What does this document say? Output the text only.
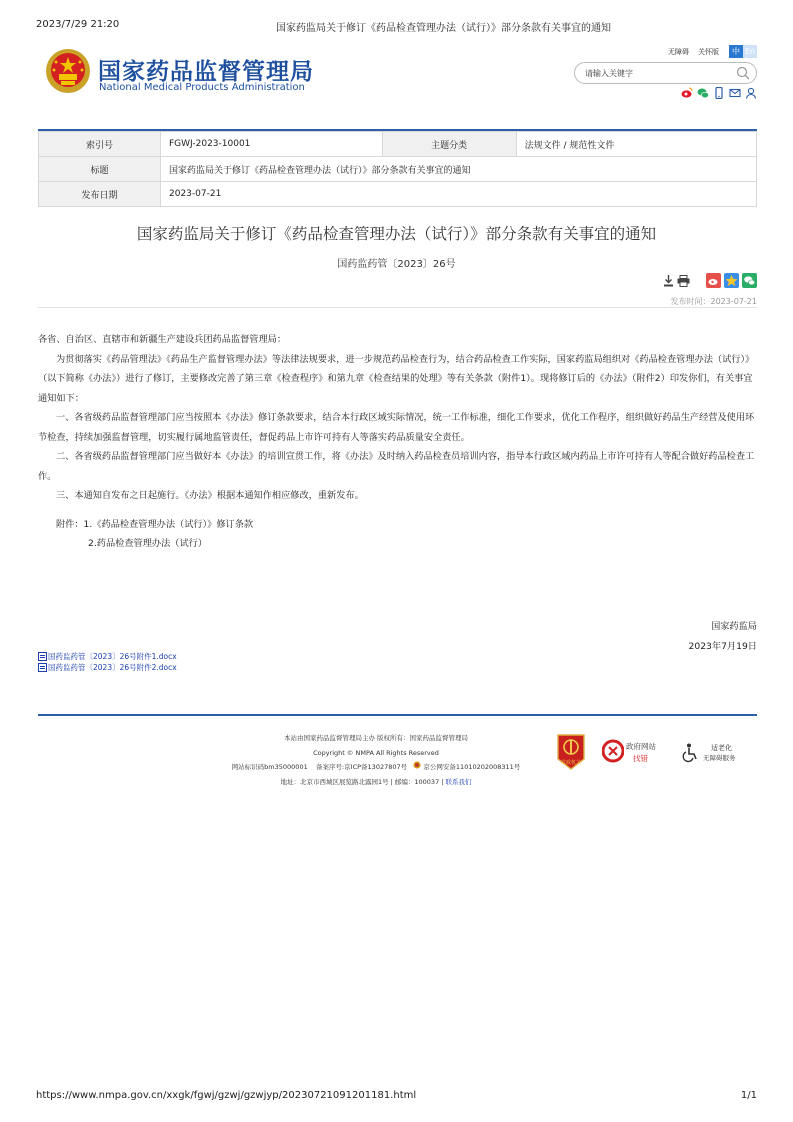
2023/7/29 21:20	国家药监局关于修订《药品检查管理办法（试行）》部分条款有关事宜的通知
国家药品监督管理局
National Medical Products Administration
无障碍 关怀版	中 En
请输入关键字
索引号	FGWJ-2023-10001	主题分类	法规文件 / 规范性文件
标题	国家药监局关于修订《药品检查管理办法（试行）》部分条款有关事宜的通知		
发布日期	2023-07-21		
国家药监局关于修订《药品检查管理办法（试行）》部分条款有关事宜的通知
国药监药管〔2023〕26号
发布时间：2023-07-21

各省、自治区、直辖市和新疆生产建设兵团药品监督管理局：

为贯彻落实《药品管理法》《药品生产监督管理办法》等法律法规要求，进一步规范药品检查行为，结合药品检查工作实际，国家药监局组织对《药品检查管理办法（试行）》（以下简称《办法》）进行了修订，主要修改完善了第三章《检查程序》和第九章《检查结果的处理》等有关条款（附件1）。现将修订后的《办法》（附件2）印发你们，有关事宜通知如下：

一、各省级药品监督管理部门应当按照本《办法》修订条款要求，结合本行政区域实际情况，统一工作标准，细化工作要求，优化工作程序，组织做好药品生产经营及使用环节检查，持续加强监督管理，切实履行属地监管责任，督促药品上市许可持有人等落实药品质量安全责任。

二、各省级药品监督管理部门应当做好本《办法》的培训宣贯工作，将《办法》及时纳入药品检查员培训内容，指导本行政区域内药品上市许可持有人等配合做好药品检查工作。

三、本通知自发布之日起施行。《办法》根据本通知作相应修改，重新发布。

附件：1.《药品检查管理办法（试行）》修订条款

2.药品检查管理办法（试行）

国家药监局
2023年7月19日
国药监药管〔2023〕26号附件1.docx
国药监药管〔2023〕26号附件2.docx
本站由国家药品监督管理局主办 版权所有：国家药品监督管理局
Copyright © NMPA All Rights Reserved
网站标识码bm35000001 备案序号:京ICP备13027807号	京公网安备11010202008311号
地址：北京市西城区展览路北露园1号 | 邮编：100037 | 联系我们
党政机关
政府网站
找错
适老化
无障碍服务
https://www.nmpa.gov.cn/xxgk/fgwj/gzwj/gzwjyp/20230721091201181.html	1/1
